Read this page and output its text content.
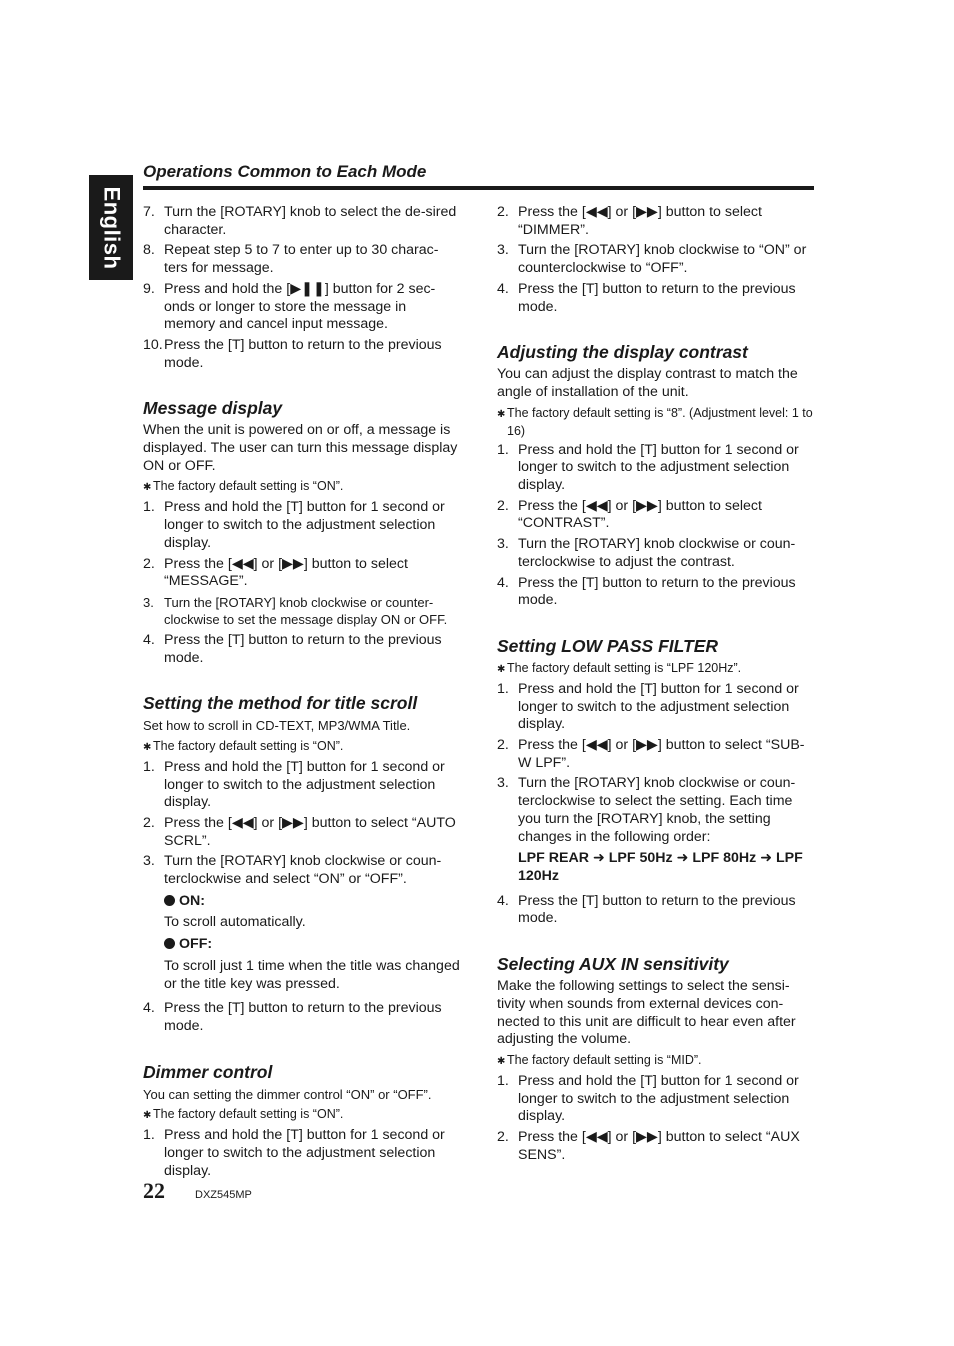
English
Operations Common to Each Mode
7. Turn the [ROTARY] knob to select the de-sired character.
8. Repeat step 5 to 7 to enter up to 30 charac-ters for message.
9. Press and hold the [▶❚❚] button for 2 sec-onds or longer to store the message in memory and cancel input message.
10. Press the [T] button to return to the previous mode.
Message display

When the unit is powered on or off, a message is displayed. The user can turn this message display ON or OFF.

✱ The factory default setting is “ON”.

1. Press and hold the [T] button for 1 second or longer to switch to the adjustment selection display.
2. Press the [◀◀] or [▶▶] button to select “MESSAGE”.
3. Turn the [ROTARY] knob clockwise or counter-clockwise to set the message display ON or OFF.
4. Press the [T] button to return to the previous mode.
Setting the method for title scroll

Set how to scroll in CD-TEXT, MP3/WMA Title.

✱ The factory default setting is “ON”.

1. Press and hold the [T] button for 1 second or longer to switch to the adjustment selection display.
2. Press the [◀◀] or [▶▶] button to select “AUTO SCRL”.
3. Turn the [ROTARY] knob clockwise or coun-terclockwise and select “ON” or “OFF”.
ON:
To scroll automatically.
OFF:
To scroll just 1 time when the title was changed or the title key was pressed.
4. Press the [T] button to return to the previous mode.
Dimmer control

You can setting the dimmer control “ON” or “OFF”.

✱ The factory default setting is “ON”.

1. Press and hold the [T] button for 1 second or longer to switch to the adjustment selection display.
2. Press the [◀◀] or [▶▶] button to select “DIMMER”.
3. Turn the [ROTARY] knob clockwise to “ON” or counterclockwise to “OFF”.
4. Press the [T] button to return to the previous mode.
Adjusting the display contrast

You can adjust the display contrast to match the angle of installation of the unit.

✱ The factory default setting is “8”. (Adjustment level: 1 to 16)

1. Press and hold the [T] button for 1 second or longer to switch to the adjustment selection display.
2. Press the [◀◀] or [▶▶] button to select “CONTRAST”.
3. Turn the [ROTARY] knob clockwise or coun-terclockwise to adjust the contrast.
4. Press the [T] button to return to the previous mode.
Setting LOW PASS FILTER

✱ The factory default setting is “LPF 120Hz”.

1. Press and hold the [T] button for 1 second or longer to switch to the adjustment selection display.
2. Press the [◀◀] or [▶▶] button to select “SUB-W LPF”.
3. Turn the [ROTARY] knob clockwise or coun-terclockwise to select the setting. Each time you turn the [ROTARY] knob, the setting changes in the following order:
LPF REAR ➜ LPF 50Hz ➜ LPF 80Hz ➜ LPF 120Hz
4. Press the [T] button to return to the previous mode.
Selecting AUX IN sensitivity

Make the following settings to select the sensi-tivity when sounds from external devices con-nected to this unit are difficult to hear even after adjusting the volume.

✱ The factory default setting is “MID”.

1. Press and hold the [T] button for 1 second or longer to switch to the adjustment selection display.
2. Press the [◀◀] or [▶▶] button to select “AUX SENS”.
22	DXZ545MP
